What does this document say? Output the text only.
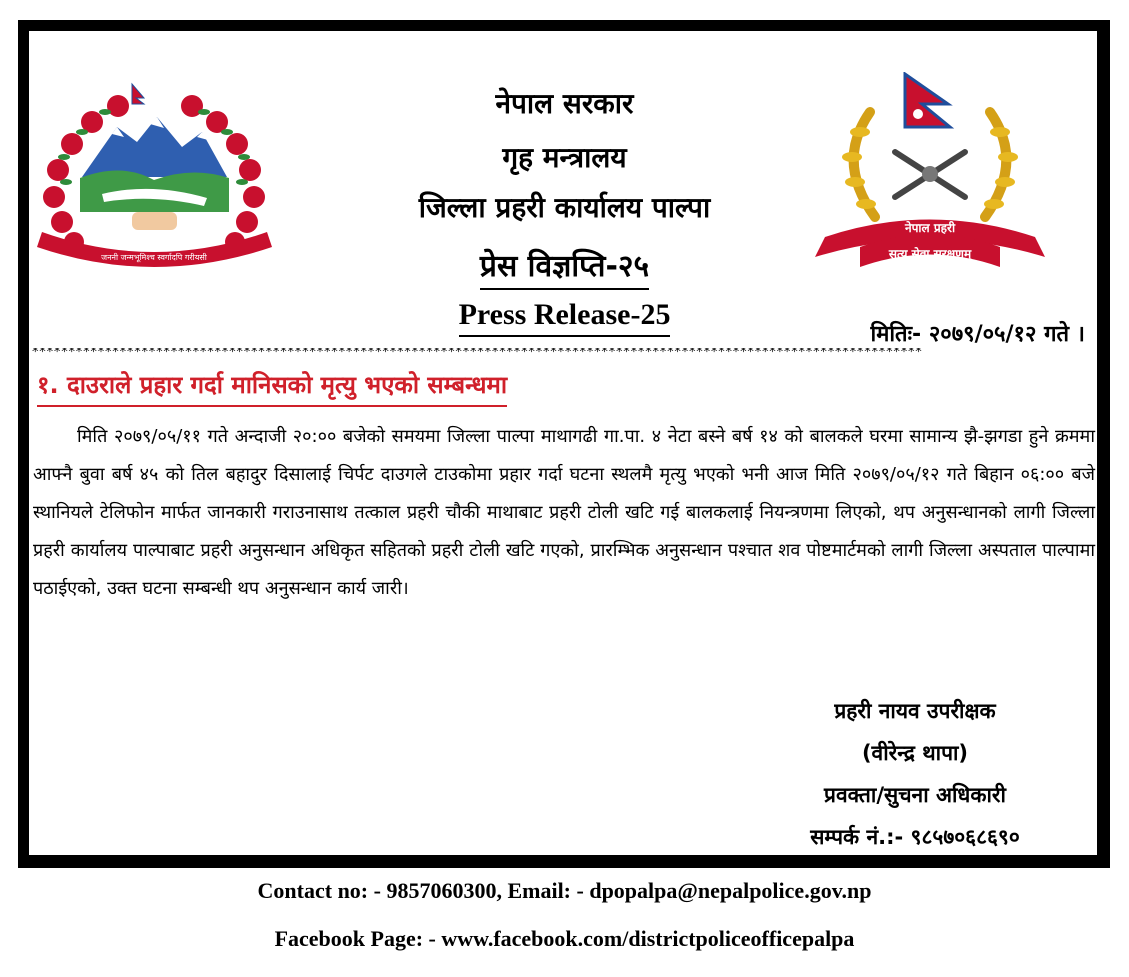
जननी जन्मभूमिश्च स्वर्गादपि गरीयसी
नेपाल प्रहरी
सत्य सेवा सुरक्षणम्
नेपाल सरकार
गृह मन्त्रालय
जिल्ला प्रहरी कार्यालय पाल्पा
प्रेस विज्ञप्ति-२५
Press Release-25
मितिः- २०७९/०५/१२ गते ।
**************************************************************************************************************************
१. दाउराले प्रहार गर्दा मानिसको मृत्यु भएको सम्बन्धमा

मिति २०७९/०५/११ गते अन्दाजी २०:०० बजेको समयमा जिल्ला पाल्पा माथागढी गा.पा. ४ नेटा बस्ने बर्ष १४ को बालकले घरमा सामान्य झै-झगडा हुने क्रममा आफ्नै बुवा बर्ष ४५ को तिल बहादुर दिसालाई चिर्पट दाउगले टाउकोमा प्रहार गर्दा घटना स्थलमै मृत्यु भएको भनी आज मिति २०७९/०५/१२ गते बिहान ०६:०० बजे स्थानियले टेलिफोन मार्फत जानकारी गराउनासाथ तत्काल प्रहरी चौकी माथाबाट प्रहरी टोली खटि गई बालकलाई नियन्त्रणमा लिएको, थप अनुसन्धानको लागी जिल्ला प्रहरी कार्यालय पाल्पाबाट प्रहरी अनुसन्धान अधिकृत सहितको प्रहरी टोली खटि गएको, प्रारम्भिक अनुसन्धान पश्चात शव पोष्टमार्टमको लागी जिल्ला अस्पताल पाल्पामा पठाईएको, उक्त घटना सम्बन्धी थप अनुसन्धान कार्य जारी।

प्रहरी नायव उपरीक्षक
(वीरेन्द्र थापा)
प्रवक्ता/सुचना अधिकारी
सम्पर्क नं.:- ९८५७०६८६९०
Contact no: - 9857060300, Email: - dpopalpa@nepalpolice.gov.np
Facebook Page: - www.facebook.com/districtpoliceofficepalpa
